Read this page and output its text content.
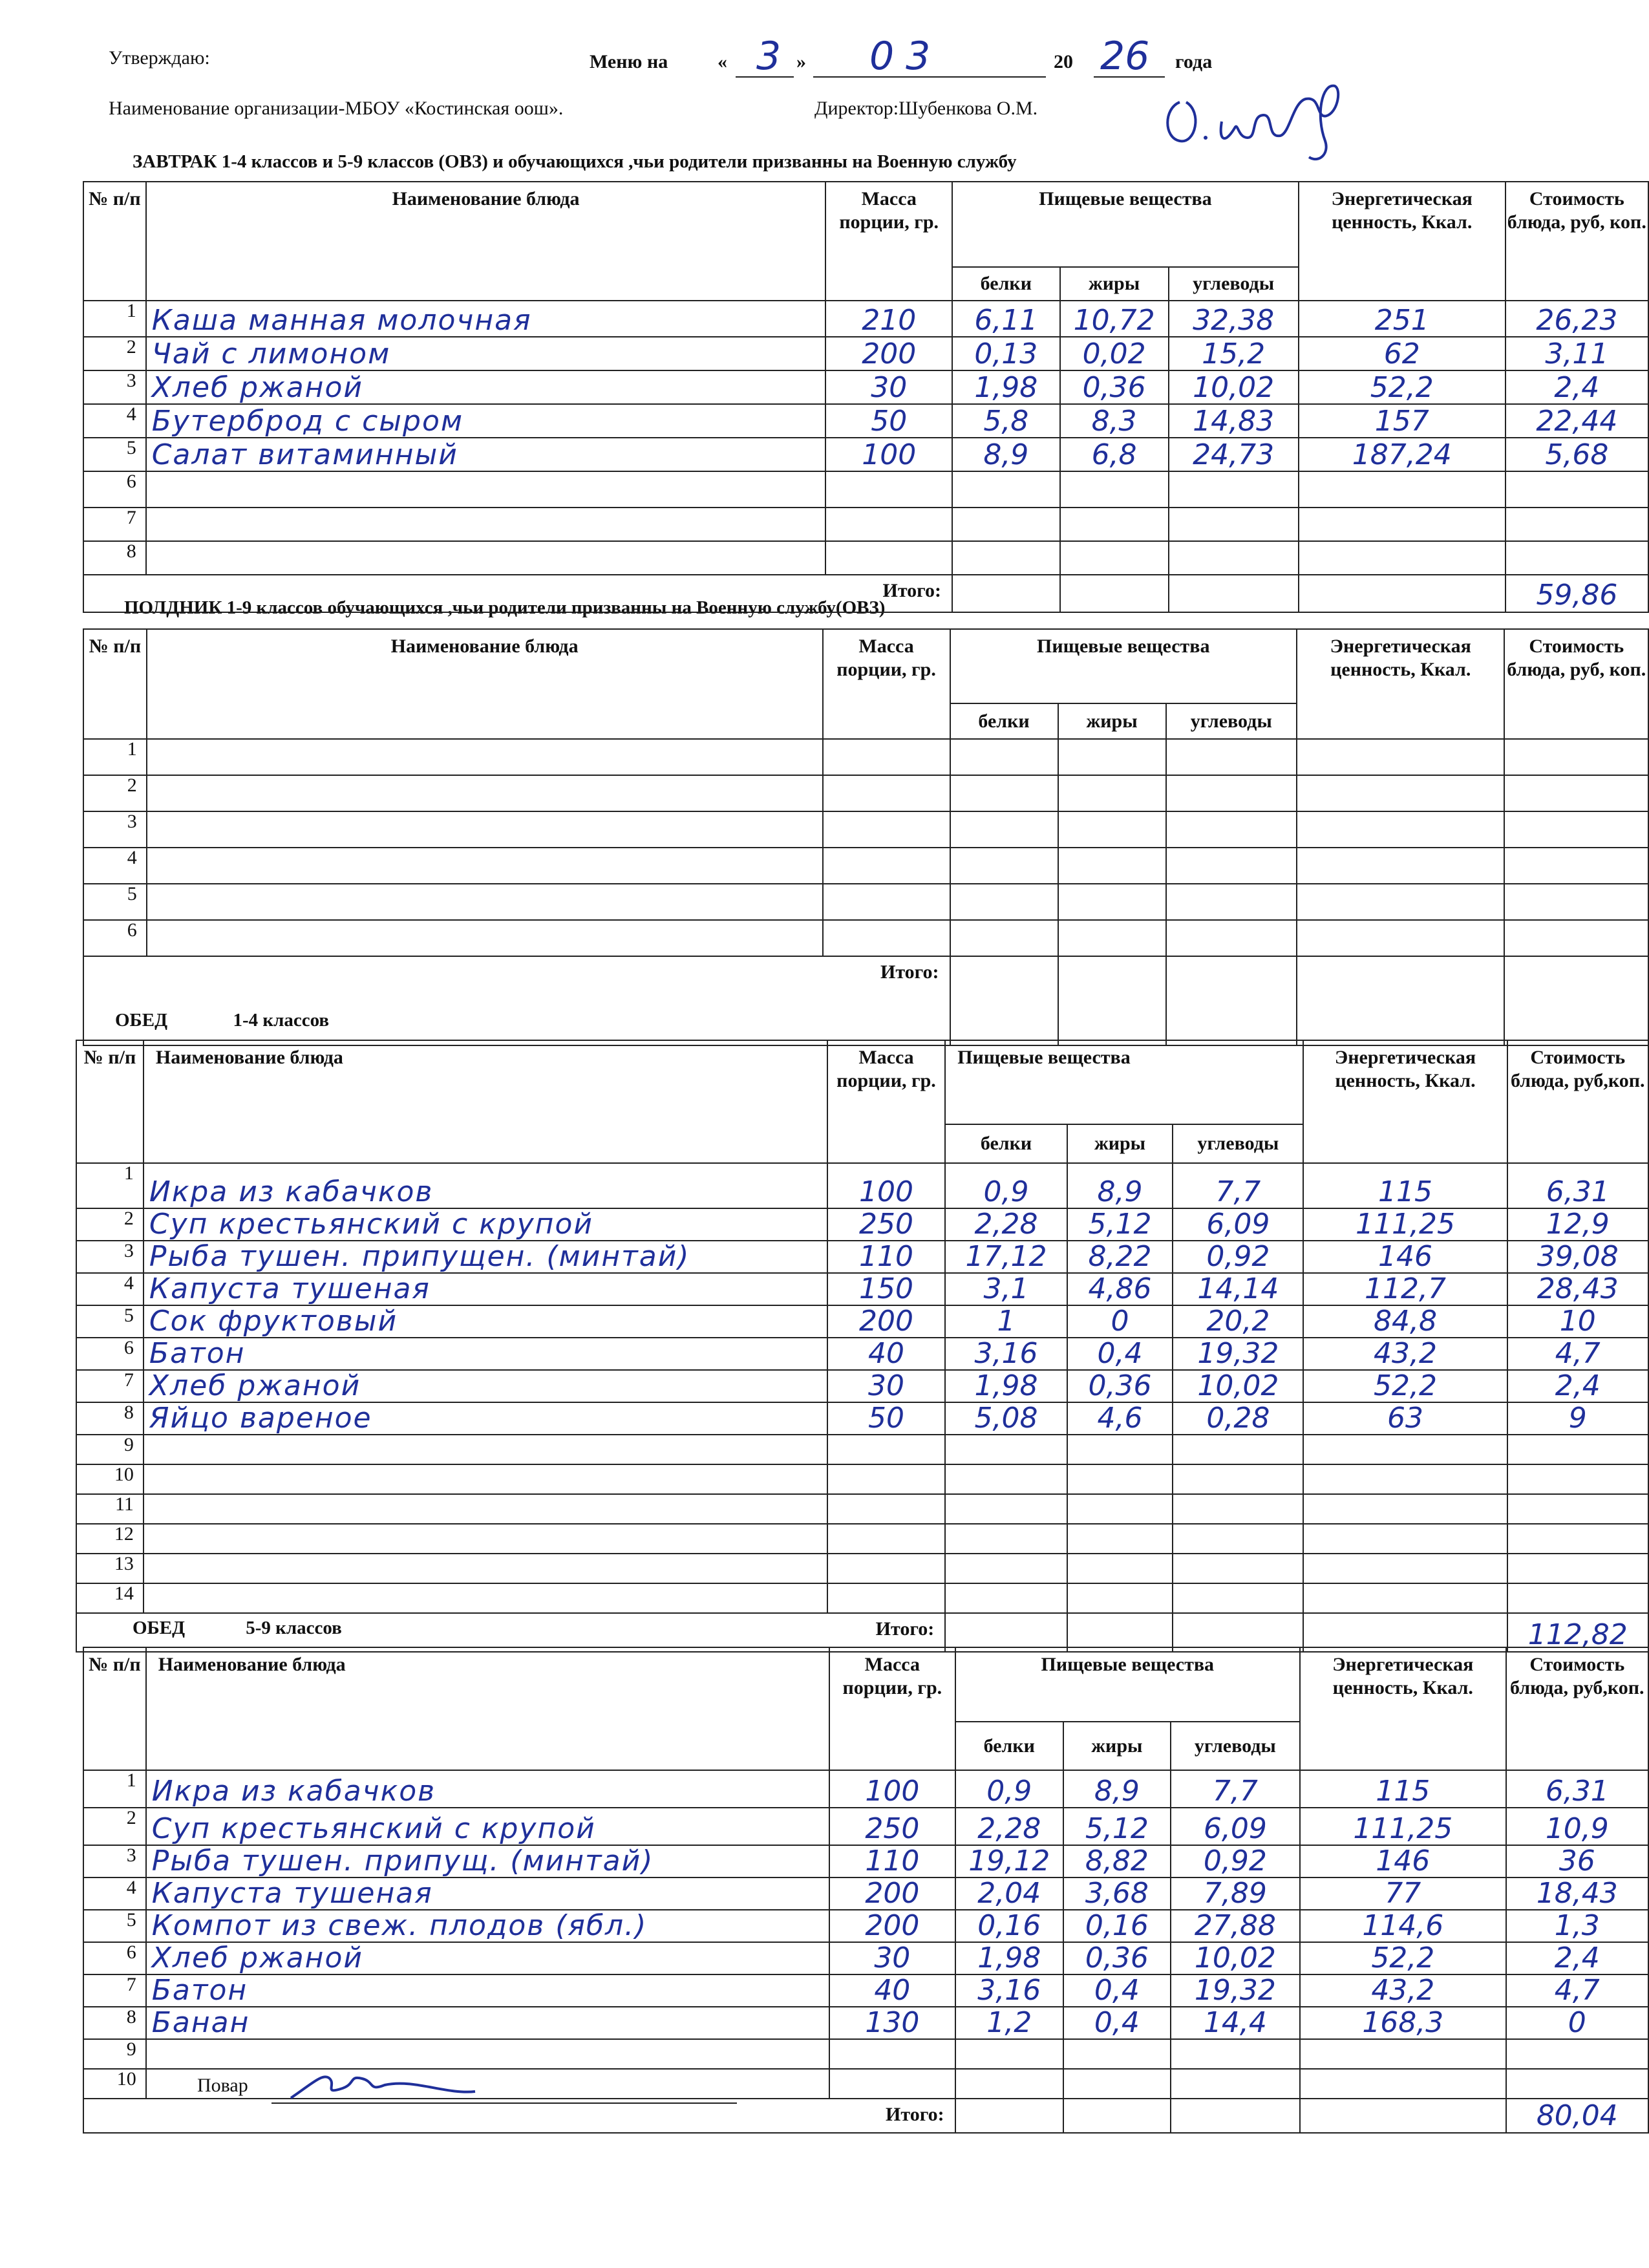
Утверждаю:	Меню на	« 3 » 03	20 26 года
Наименование организации-МБОУ «Костинская оош».	Директор:Шубенкова О.М.
ЗАВТРАК 1-4 классов и 5-9 классов (ОВЗ) и обучающихся ,чьи родители призванны на Военную службу
ПОЛДНИК 1-9 классов обучающихся ,чьи родители призванны на Военную службу(ОВЗ)
ОБЕД              1-4 классов
ОБЕД             5-9 классов
№ п/п	Наименование блюда	Масса порции, гр.	Пищевые вещества			Энергетическая ценность, Ккал.	Стоимость блюда, руб, коп.
			белки	жиры	углеводы		
1	Каша манная молочная	210	6,11	10,72	32,38	251	26,23
2	Чай с лимоном	200	0,13	0,02	15,2	62	3,11
3	Хлеб ржаной	30	1,98	0,36	10,02	52,2	2,4
4	Бутерброд с сыром	50	5,8	8,3	14,83	157	22,44
5	Салат витаминный	100	8,9	6,8	24,73	187,24	5,68
6							
7							
8							
Итого:							59,86
№ п/п	Наименование блюда	Масса порции, гр.	Пищевые вещества			Энергетическая ценность, Ккал.	Стоимость блюда, руб, коп.
			белки	жиры	углеводы		
1							
2							
3							
4							
5							
6							
Итого:							
№ п/п	Наименование блюда	Масса порции, гр.	Пищевые вещества			Энергетическая ценность, Ккал.	Стоимость блюда, руб,коп.
			белки	жиры	углеводы		
1	Икра из кабачков	100	0,9	8,9	7,7	115	6,31
2	Суп крестьянский с крупой	250	2,28	5,12	6,09	111,25	12,9
3	Рыба тушен. припущен. (минтай)	110	17,12	8,22	0,92	146	39,08
4	Капуста тушеная	150	3,1	4,86	14,14	112,7	28,43
5	Сок фруктовый	200	1	0	20,2	84,8	10
6	Батон	40	3,16	0,4	19,32	43,2	4,7
7	Хлеб ржаной	30	1,98	0,36	10,02	52,2	2,4
8	Яйцо вареное	50	5,08	4,6	0,28	63	9
9							
10							
11							
12							
13							
14							
Итого:							112,82
№ п/п	Наименование блюда	Масса порции, гр.	Пищевые вещества			Энергетическая ценность, Ккал.	Стоимость блюда, руб,коп.
			белки	жиры	углеводы		
1	Икра из кабачков	100	0,9	8,9	7,7	115	6,31
2	Суп крестьянский с крупой	250	2,28	5,12	6,09	111,25	10,9
3	Рыба тушен. припущ. (минтай)	110	19,12	8,82	0,92	146	36
4	Капуста тушеная	200	2,04	3,68	7,89	77	18,43
5	Компот из свеж. плодов (ябл.)	200	0,16	0,16	27,88	114,6	1,3
6	Хлеб ржаной	30	1,98	0,36	10,02	52,2	2,4
7	Батон	40	3,16	0,4	19,32	43,2	4,7
8	Банан	130	1,2	0,4	14,4	168,3	0
9							
10							
Итого:							80,04
Повар
